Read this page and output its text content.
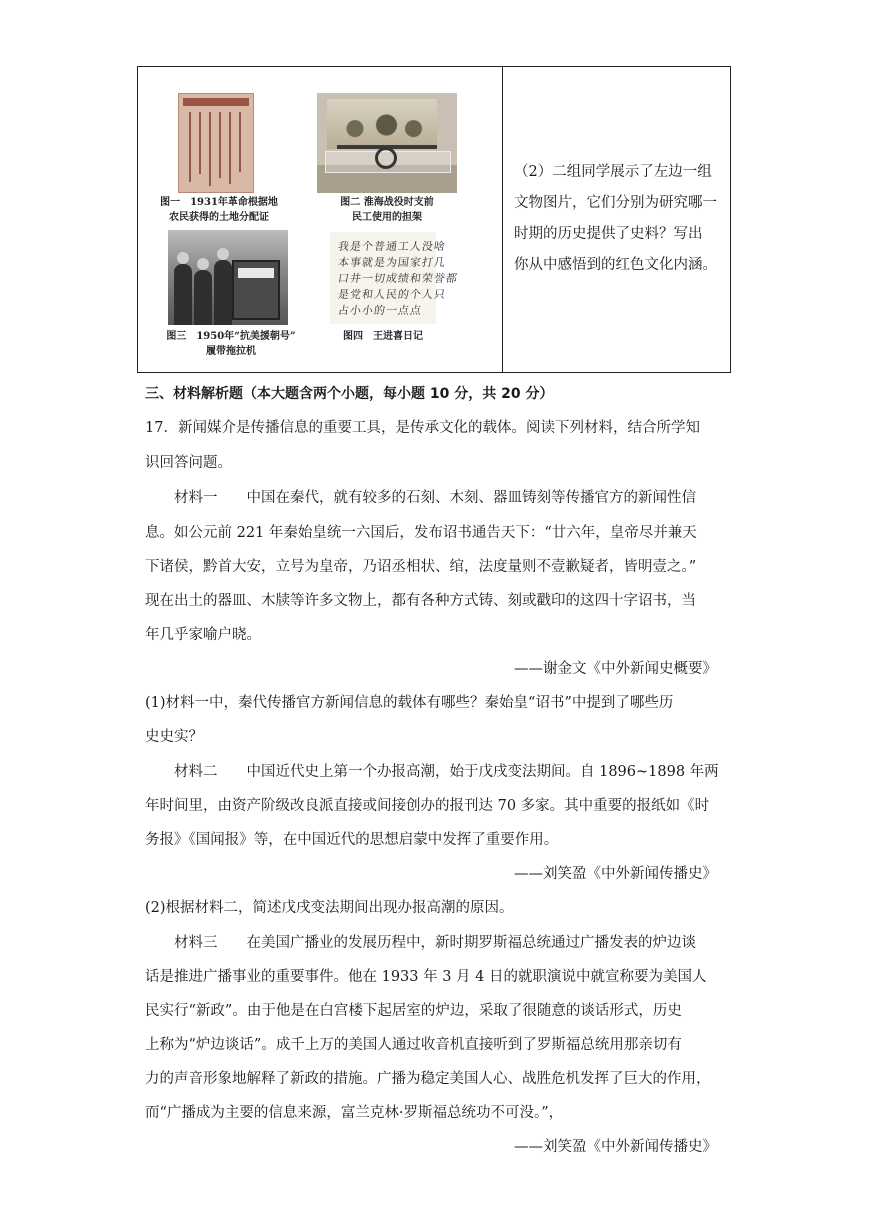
图一　1931年革命根据地
农民获得的土地分配证
图二 淮海战役时支前
民工使用的担架
图三　1950年“抗美援朝号”
履带拖拉机
我是个普通工人没啥
本事就是为国家打几
口井一切成绩和荣誉都
是党和人民的个人只
占小小的一点点
图四　王进喜日记
（2）二组同学展示了左边一组
文物图片，它们分别为研究哪一
时期的历史提供了史料？写出
你从中感悟到的红色文化内涵。
三、材料解析题（本大题含两个小题，每小题 10 分，共 20 分）
17．新闻媒介是传播信息的重要工具，是传承文化的载体。阅读下列材料，结合所学知
识回答问题。
材料一　　中国在秦代，就有较多的石刻、木刻、器皿铸刻等传播官方的新闻性信
息。如公元前 221 年秦始皇统一六国后，发布诏书通告天下：“廿六年，皇帝尽并兼天
下诸侯，黔首大安，立号为皇帝，乃诏丞相状、绾，法度量则不壹歉疑者，皆明壹之。”
现在出土的器皿、木牍等许多文物上，都有各种方式铸、刻或戳印的这四十字诏书，当
年几乎家喻户晓。
——谢金文《中外新闻史概要》
(1)材料一中，秦代传播官方新闻信息的载体有哪些？秦始皇“诏书”中提到了哪些历
史史实？
材料二　　中国近代史上第一个办报高潮，始于戊戌变法期间。自 1896~1898 年两
年时间里，由资产阶级改良派直接或间接创办的报刊达 70 多家。其中重要的报纸如《时
务报》《国闻报》等，在中国近代的思想启蒙中发挥了重要作用。
——刘笑盈《中外新闻传播史》
(2)根据材料二，简述戊戌变法期间出现办报高潮的原因。
材料三　　在美国广播业的发展历程中，新时期罗斯福总统通过广播发表的炉边谈
话是推进广播事业的重要事件。他在 1933 年 3 月 4 日的就职演说中就宣称要为美国人
民实行“新政”。由于他是在白宫楼下起居室的炉边，采取了很随意的谈话形式，历史
上称为“炉边谈话”。成千上万的美国人通过收音机直接听到了罗斯福总统用那亲切有
力的声音形象地解释了新政的措施。广播为稳定美国人心、战胜危机发挥了巨大的作用，
而“广播成为主要的信息来源，富兰克林·罗斯福总统功不可没。”，
——刘笑盈《中外新闻传播史》
